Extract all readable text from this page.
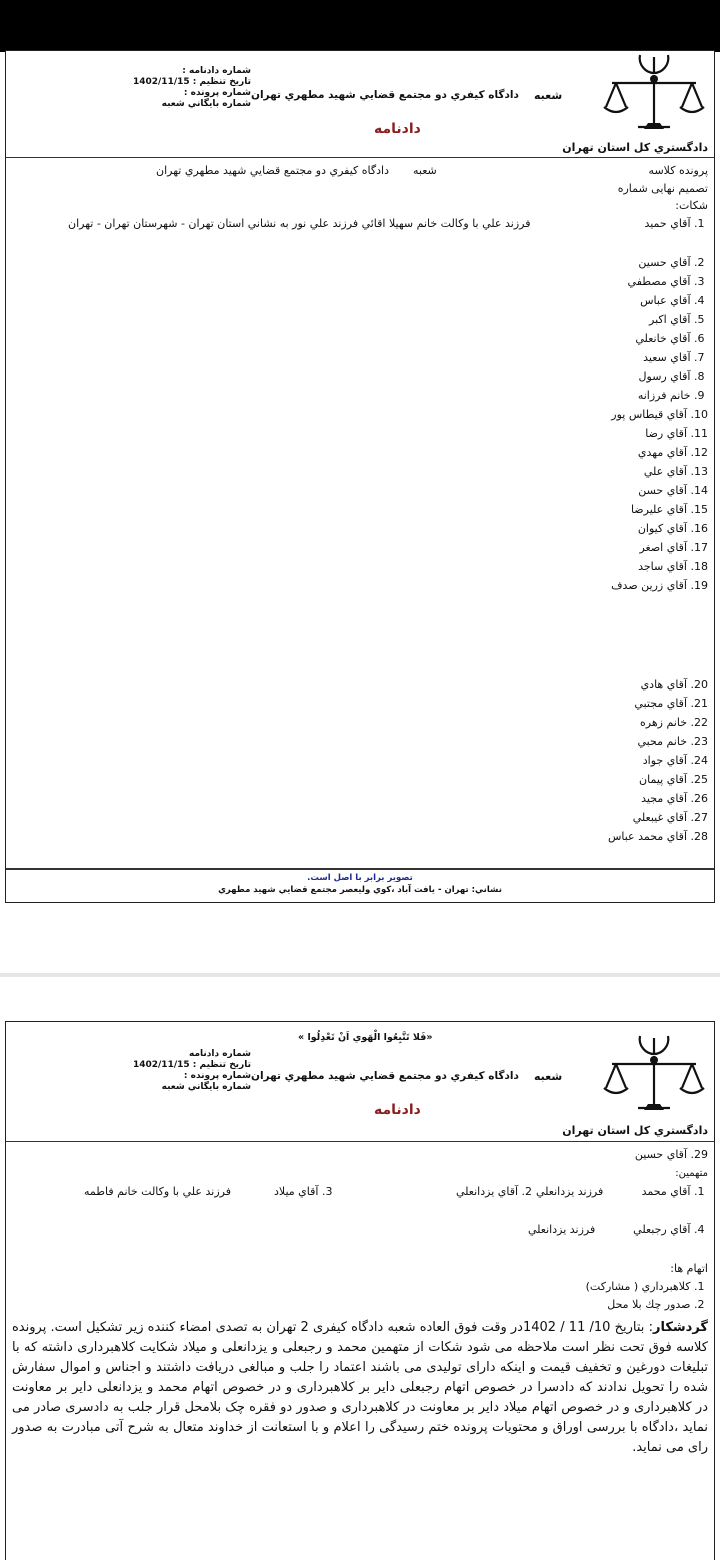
دادگستري كل استان تهران
شعبه
دادگاه كيفري دو مجتمع قضايي شهيد مطهري تهران
دادنامه
شماره دادنامه :
تاریخ تنظیم : 1402/11/15
شماره پرونده :
شماره بايگاني شعبه
پرونده كلاسه
شعبه
دادگاه كيفري دو مجتمع قضايي شهيد مطهري تهران
تصمیم نهایی شماره
شكات:
1. آقاي حميد
فرزند علي با وكالت خانم سهيلا اقائي فرزند علي نور به نشاني استان تهران - شهرستان تهران - تهران
2. آقاي حسين
3. آقاي مصطفي
4. آقاي عباس
5. آقاي اكبر
6. آقاي خانعلي
7. آقاي سعيد
8. آقاي رسول
9. خانم فرزانه
10. آقاي قيطاس پور
11. آقاي رضا
12. آقاي مهدي
13. آقاي علي
14. آقاي حسن
15. آقاي عليرضا
16. آقاي كيوان
17. آقاي اصغر
18. آقاي ساجد
19. آقاي زرين صدف
20. آقاي هادي
21. آقاي مجتبي
22. خانم زهره
23. خانم محبي
24. آقاي جواد
25. آقاي پيمان
26. آقاي مجيد
27. آقاي غيبعلي
28. آقاي محمد عباس
تصوير برابر با اصل است.
نشاني: تهران - يافت آباد ،كوي وليعصر مجتمع قضايي شهيد مطهري
«فَلا تَتَّبِعُوا الْهَوي اَنْ تَعْدِلُوا »
دادگستري كل استان تهران
شعبه
دادگاه كيفري دو مجتمع قضايي شهيد مطهري تهران
دادنامه
شماره دادنامه
تاریخ تنظیم : 1402/11/15
شماره پرونده :
شماره بايگاني شعبه
29. آقاي حسين
متهمين:
1. آقاي محمد
فرزند يزدانعلي
2. آقاي يزدانعلي
3. آقاي ميلاد
فرزند علي با وكالت خانم فاطمه
4. آقاي رجبعلي
فرزند يزدانعلي
اتهام ها:
1. كلاهبرداري ( مشاركت)
2. صدور چك بلا محل
گردشكار: بتاريخ 10/ 11 / 1402در وقت فوق العاده شعبه دادگاه کیفری 2 تهران به تصدی امضاء کننده زیر تشکیل است. پرونده کلاسه فوق تحت نظر است ملاحظه می شود شکات از متهمین محمد و رجبعلی و یزدانعلی و میلاد شکایت کلاهبرداری داشته که با تبلیغات دورغین و تخفیف قیمت و اینکه دارای تولیدی می باشند اعتماد را جلب و مبالغی دریافت داشتند و اجناس و اموال سفارش شده را تحویل ندادند که دادسرا در خصوص اتهام رجبعلی دایر بر کلاهبرداری و در خصوص اتهام محمد و یزدانعلی دایر بر معاونت در کلاهبرداری و در خصوص اتهام میلاد دایر بر معاونت در کلاهبرداری و صدور دو فقره چک بلامحل قرار جلب به دادسری صادر می نماید ،دادگاه با بررسی اوراق و محتویات پرونده ختم رسیدگی را اعلام و با استعانت از خداوند متعال به شرح آتی مبادرت به صدور رای می نماید.
